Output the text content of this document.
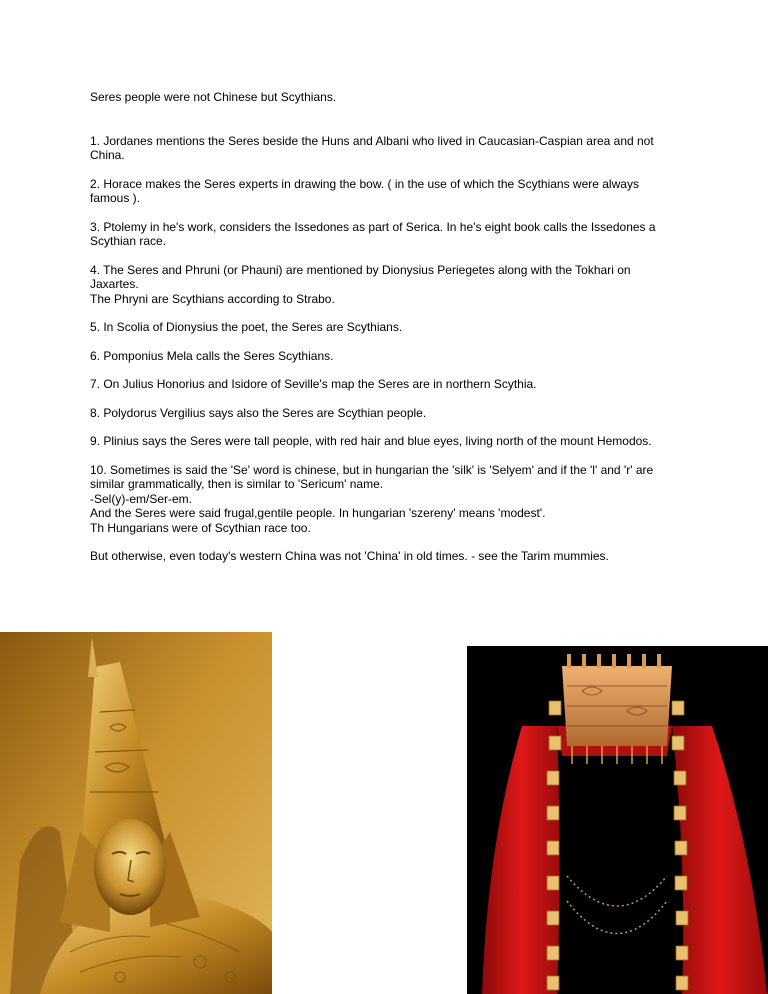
Seres people were not Chinese but Scythians.
1. Jordanes mentions the Seres beside the Huns and Albani who lived in Caucasian-Caspian area and not China.
2. Horace makes the Seres experts in drawing the bow. ( in the use of which the Scythians were always famous ).
3. Ptolemy in he's work, considers the Issedones as part of Serica. In he's eight book calls the Issedones a Scythian race.
4. The Seres and Phruni (or Phauni) are mentioned by Dionysius Periegetes along with the Tokhari on Jaxartes.
The Phryni are Scythians according to Strabo.
5. In Scolia of Dionysius the poet, the Seres are Scythians.
6. Pomponius Mela calls the Seres Scythians.
7. On Julius Honorius and Isidore of Seville's map the Seres are in northern Scythia.
8. Polydorus Vergilius says also the Seres are Scythian people.
9. Plinius says the Seres were tall people, with red hair and blue eyes, living north of the mount Hemodos.
10. Sometimes is said the 'Se' word is chinese, but in hungarian the 'silk' is 'Selyem' and if the 'l' and 'r' are similar grammatically, then is similar to 'Sericum' name.
-Sel(y)-em/Ser-em.
And the Seres were said frugal,gentile people. In hungarian 'szereny' means 'modest'.
Th Hungarians were of Scythian race too.
But otherwise, even today's western China was not 'China' in old times. - see the Tarim mummies.
